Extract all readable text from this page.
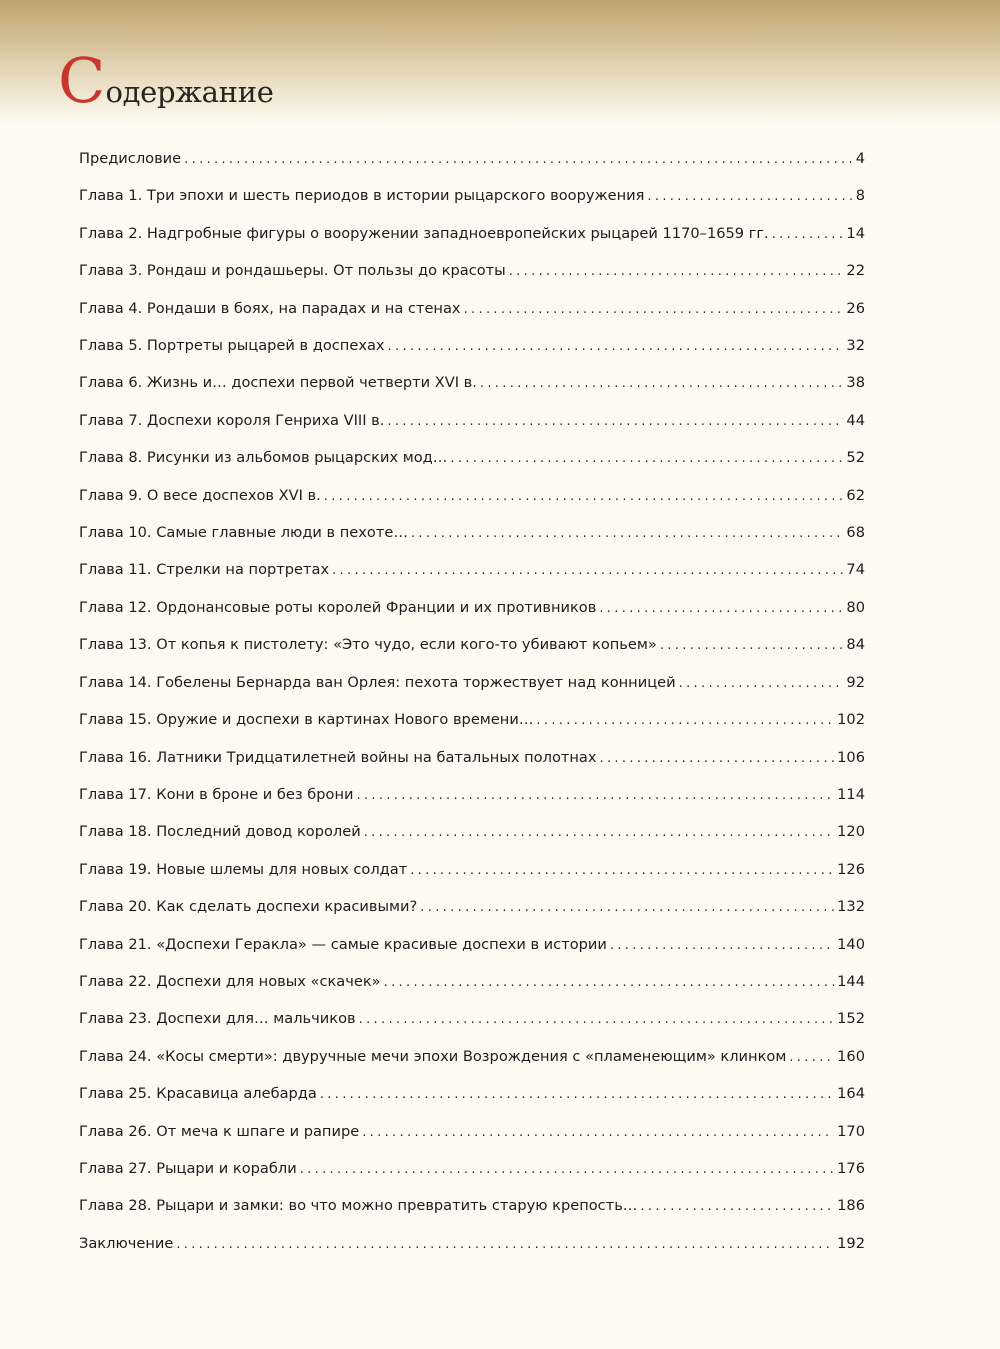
Содержание
Предисловие . . .	4
Глава 1. Три эпохи и шесть периодов в истории рыцарского вооружения . . .	8
Глава 2. Надгробные фигуры о вооружении западноевропейских рыцарей 1170–1659 гг. . . .	14
Глава 3. Рондаш и рондашьеры. От пользы до красоты . . .	22
Глава 4. Рондаши в боях, на парадах и на стенах . . .	26
Глава 5. Портреты рыцарей в доспехах . . .	32
Глава 6. Жизнь и… доспехи первой четверти XVI в. . . .	38
Глава 7. Доспехи короля Генриха VIII в. . . .	44
Глава 8. Рисунки из альбомов рыцарских мод… . . .	52
Глава 9. О весе доспехов XVI в. . . .	62
Глава 10. Самые главные люди в пехоте… . . .	68
Глава 11. Стрелки на портретах . . .	74
Глава 12. Ордонансовые роты королей Франции и их противников . . .	80
Глава 13. От копья к пистолету: «Это чудо, если кого-то убивают копьем» . . .	84
Глава 14. Гобелены Бернарда ван Орлея: пехота торжествует над конницей . . .	92
Глава 15. Оружие и доспехи в картинах Нового времени… . . .	102
Глава 16. Латники Тридцатилетней войны на батальных полотнах . . .	106
Глава 17. Кони в броне и без брони . . .	114
Глава 18. Последний довод королей . . .	120
Глава 19. Новые шлемы для новых солдат . . .	126
Глава 20. Как сделать доспехи красивыми? . . .	132
Глава 21. «Доспехи Геракла» — самые красивые доспехи в истории . . .	140
Глава 22. Доспехи для новых «скачек» . . .	144
Глава 23. Доспехи для… мальчиков . . .	152
Глава 24. «Косы смерти»: двуручные мечи эпохи Возрождения с «пламенеющим» клинком . . .	160
Глава 25. Красавица алебарда . . .	164
Глава 26. От меча к шпаге и рапире . . .	170
Глава 27. Рыцари и корабли . . .	176
Глава 28. Рыцари и замки: во что можно превратить старую крепость… . . .	186
Заключение . . .	192
